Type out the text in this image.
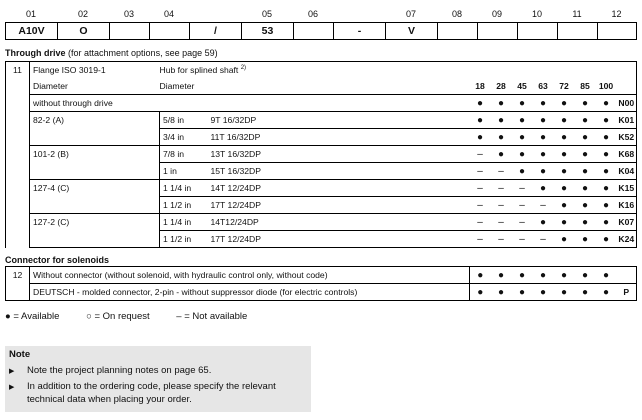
01	02	03	04		05	06		07	08	09	10	11	12
A10V	O			/	53		-	V					
Through drive (for attachment options, see page 59)
11	Flange ISO 3019-1	Hub for splined shaft $^{2)}$								
	Diameter	Diameter		18	28	45	63	72	85	100	
	without through drive			●	●	●	●	●	●	●	N00
	82-2 (A)	5/8 in	9T 16/32DP	●	●	●	●	●	●	●	K01
		3/4 in	11T 16/32DP	●	●	●	●	●	●	●	K52
	101-2 (B)	7/8 in	13T 16/32DP	–	●	●	●	●	●	●	K68
		1 in	15T 16/32DP	–	–	●	●	●	●	●	K04
	127-4 (C)	1 1/4 in	14T 12/24DP	–	–	–	●	●	●	●	K15
		1 1/2 in	17T 12/24DP	–	–	–	–	●	●	●	K16
	127-2 (C)	1 1/4 in	14T12/24DP	–	–	–	●	●	●	●	K07
		1 1/2 in	17T 12/24DP	–	–	–	–	●	●	●	K24
Connector for solenoids
12	Without connector (without solenoid, with hydraulic control only, without code)	●	●	●	●	●	●	●	
	DEUTSCH - molded connector, 2-pin - without suppressor diode (for electric controls)	●	●	●	●	●	●	●	P
● = Available	○ = On request	– = Not available
Note
▶ Note the project planning notes on page 65.
▶ In addition to the ordering code, please specify the relevant technical data when placing your order.
